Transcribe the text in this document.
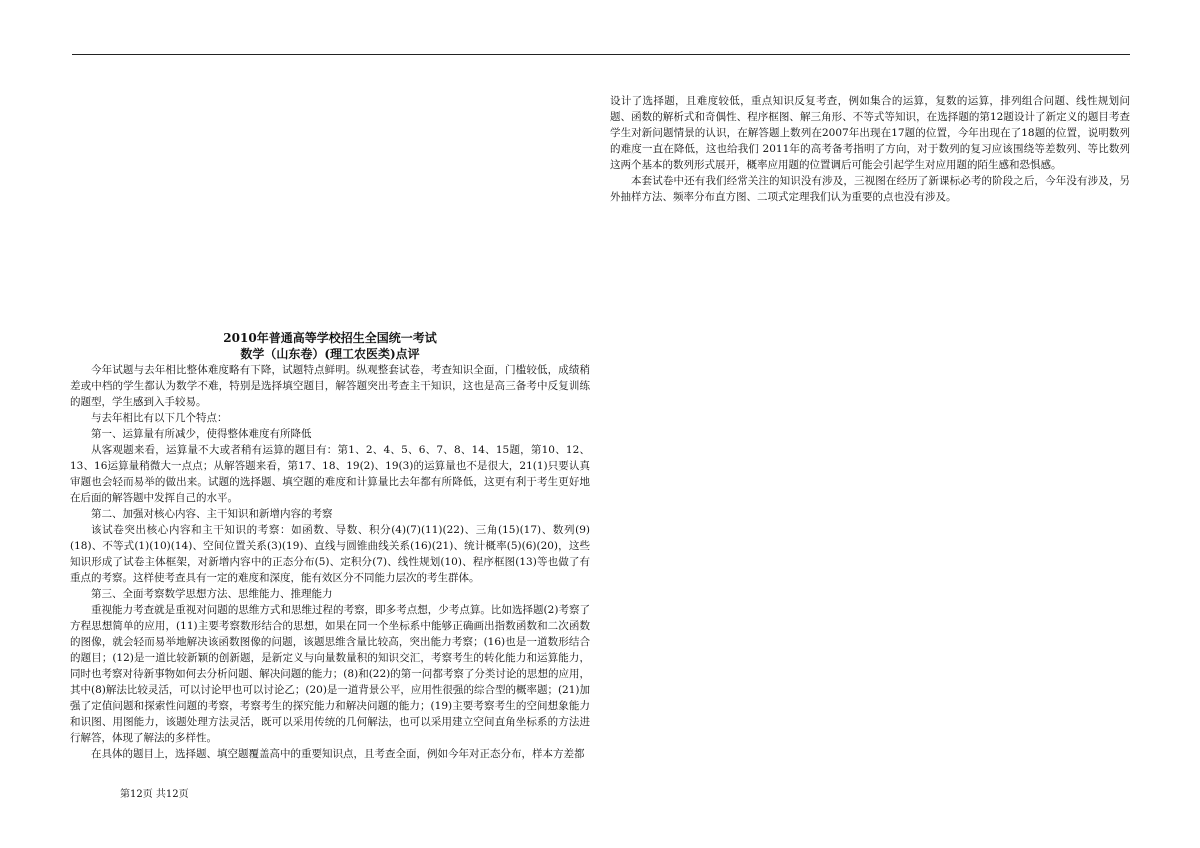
2010年普通高等学校招生全国统一考试

数学（山东卷）(理工农医类)点评

今年试题与去年相比整体难度略有下降，试题特点鲜明。纵观整套试卷，考查知识全面，门槛较低，成绩稍差或中档的学生都认为数学不难，特别是选择填空题目，解答题突出考查主干知识，这也是高三备考中反复训练的题型，学生感到入手较易。

与去年相比有以下几个特点：

第一、运算量有所减少，使得整体难度有所降低

从客观题来看，运算量不大或者稍有运算的题目有：第1、2、4、5、6、7、8、14、15题，第10、12、13、16运算量稍微大一点点；从解答题来看，第17、18、19(2)、19(3)的运算量也不是很大，21(1)只要认真审题也会轻而易举的做出来。试题的选择题、填空题的难度和计算量比去年都有所降低，这更有利于考生更好地在后面的解答题中发挥自己的水平。

第二、加强对核心内容、主干知识和新增内容的考察

该试卷突出核心内容和主干知识的考察：如函数、导数、积分(4)(7)(11)(22)、三角(15)(17)、数列(9)(18)、不等式(1)(10)(14)、空间位置关系(3)(19)、直线与圆锥曲线关系(16)(21)、统计概率(5)(6)(20)，这些知识形成了试卷主体框架，对新增内容中的正态分布(5)、定积分(7)、线性规划(10)、程序框图(13)等也做了有重点的考察。这样使考查具有一定的难度和深度，能有效区分不同能力层次的考生群体。

第三、全面考察数学思想方法、思维能力、推理能力

重视能力考查就是重视对问题的思维方式和思维过程的考察，即多考点想，少考点算。比如选择题(2)考察了方程思想简单的应用，(11)主要考察数形结合的思想，如果在同一个坐标系中能够正确画出指数函数和二次函数的图像，就会轻而易举地解决该函数图像的问题，该题思维含量比较高，突出能力考察；(16)也是一道数形结合的题目；(12)是一道比较新颖的创新题，是新定义与向量数量积的知识交汇，考察考生的转化能力和运算能力，同时也考察对待新事物如何去分析问题、解决问题的能力；(8)和(22)的第一问都考察了分类讨论的思想的应用，其中(8)解法比较灵活，可以讨论甲也可以讨论乙；(20)是一道背景公平，应用性很强的综合型的概率题；(21)加强了定值问题和探索性问题的考察，考察考生的探究能力和解决问题的能力；(19)主要考察考生的空间想象能力和识图、用图能力，该题处理方法灵活，既可以采用传统的几何解法，也可以采用建立空间直角坐标系的方法进行解答，体现了解法的多样性。

在具体的题目上，选择题、填空题覆盖高中的重要知识点，且考查全面，例如今年对正态分布，样本方差都

设计了选择题，且难度较低，重点知识反复考查，例如集合的运算，复数的运算，排列组合问题、线性规划问题、函数的解析式和奇偶性、程序框图、解三角形、不等式等知识，在选择题的第12题设计了新定义的题目考查学生对新问题情景的认识，在解答题上数列在2007年出现在17题的位置，今年出现在了18题的位置，说明数列的难度一直在降低，这也给我们 2011年的高考备考指明了方向，对于数列的复习应该围绕等差数列、等比数列这两个基本的数列形式展开，概率应用题的位置调后可能会引起学生对应用题的陌生感和恐惧感。

本套试卷中还有我们经常关注的知识没有涉及，三视图在经历了新课标必考的阶段之后，今年没有涉及，另外抽样方法、频率分布直方图、二项式定理我们认为重要的点也没有涉及。

第12页 共12页
